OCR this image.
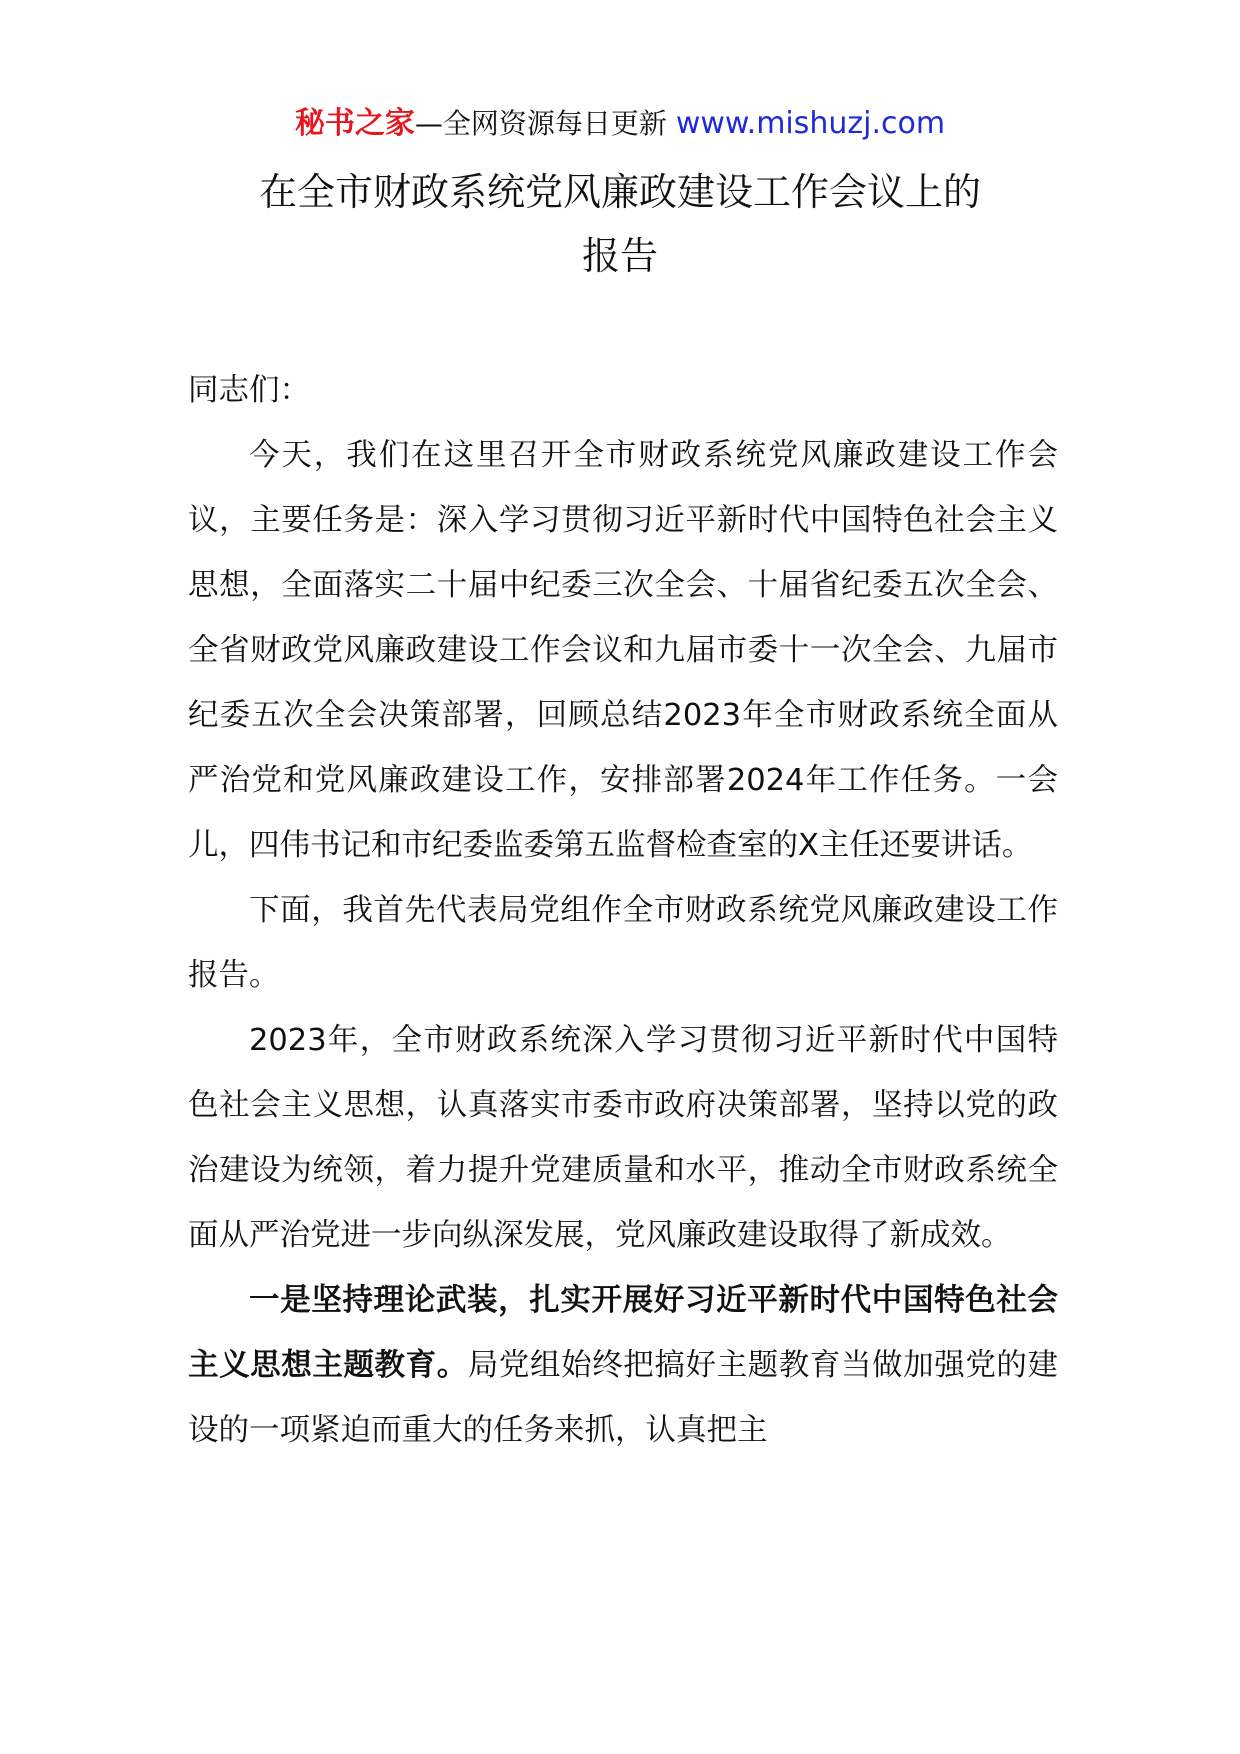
秘书之家—全网资源每日更新 www.mishuzj.com
在全市财政系统党风廉政建设工作会议上的
报告

同志们：

今天，我们在这里召开全市财政系统党风廉政建设工作会议，主要任务是：深入学习贯彻习近平新时代中国特色社会主义思想，全面落实二十届中纪委三次全会、十届省纪委五次全会、全省财政党风廉政建设工作会议和九届市委十一次全会、九届市纪委五次全会决策部署，回顾总结2023年全市财政系统全面从严治党和党风廉政建设工作，安排部署2024年工作任务。一会儿，四伟书记和市纪委监委第五监督检查室的X主任还要讲话。

下面，我首先代表局党组作全市财政系统党风廉政建设工作报告。

2023年，全市财政系统深入学习贯彻习近平新时代中国特色社会主义思想，认真落实市委市政府决策部署，坚持以党的政治建设为统领，着力提升党建质量和水平，推动全市财政系统全面从严治党进一步向纵深发展，党风廉政建设取得了新成效。

一是坚持理论武装，扎实开展好习近平新时代中国特色社会主义思想主题教育。局党组始终把搞好主题教育当做加强党的建设的一项紧迫而重大的任务来抓，认真把主
